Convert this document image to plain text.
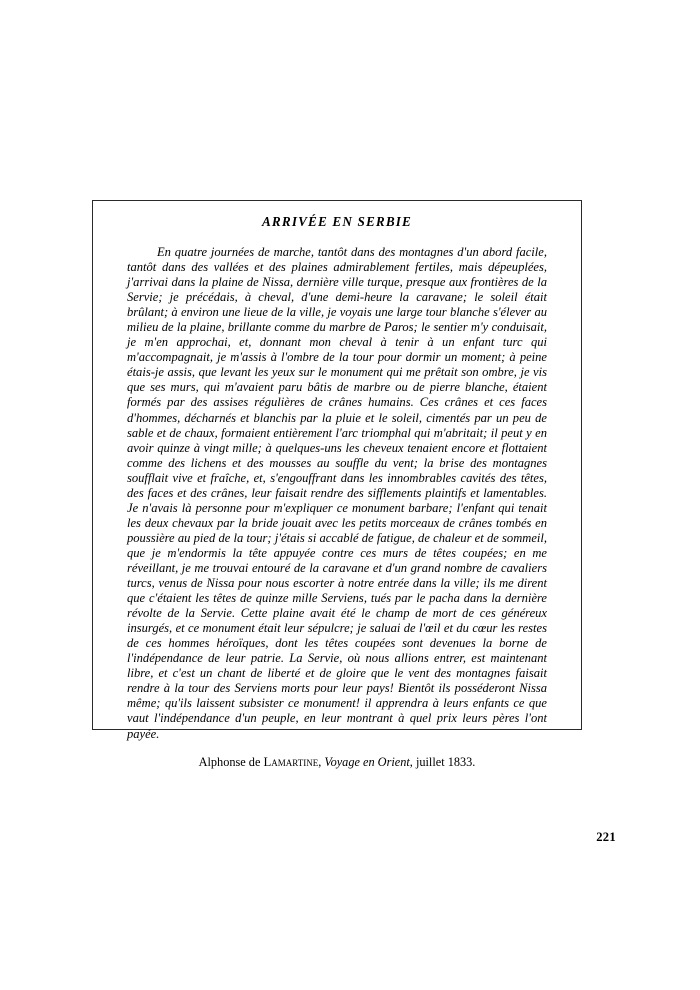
ARRIVÉE EN SERBIE

En quatre journées de marche, tantôt dans des montagnes d'un abord facile, tantôt dans des vallées et des plaines admirablement fertiles, mais dépeuplées, j'arrivai dans la plaine de Nissa, dernière ville turque, presque aux frontières de la Servie; je précédais, à cheval, d'une demi-heure la caravane; le soleil était brûlant; à environ une lieue de la ville, je voyais une large tour blanche s'élever au milieu de la plaine, brillante comme du marbre de Paros; le sentier m'y conduisait, je m'en approchai, et, donnant mon cheval à tenir à un enfant turc qui m'accompagnait, je m'assis à l'ombre de la tour pour dormir un moment; à peine étais-je assis, que levant les yeux sur le monument qui me prêtait son ombre, je vis que ses murs, qui m'avaient paru bâtis de marbre ou de pierre blanche, étaient formés par des assises régulières de crânes humains. Ces crânes et ces faces d'hommes, décharnés et blanchis par la pluie et le soleil, cimentés par un peu de sable et de chaux, formaient entièrement l'arc triomphal qui m'abritait; il peut y en avoir quinze à vingt mille; à quelques-uns les cheveux tenaient encore et flottaient comme des lichens et des mousses au souffle du vent; la brise des montagnes soufflait vive et fraîche, et, s'engouffrant dans les innombrables cavités des têtes, des faces et des crânes, leur faisait rendre des sifflements plaintifs et lamentables. Je n'avais là personne pour m'expliquer ce monument barbare; l'enfant qui tenait les deux chevaux par la bride jouait avec les petits morceaux de crânes tombés en poussière au pied de la tour; j'étais si accablé de fatigue, de chaleur et de sommeil, que je m'endormis la tête appuyée contre ces murs de têtes coupées; en me réveillant, je me trouvai entouré de la caravane et d'un grand nombre de cavaliers turcs, venus de Nissa pour nous escorter à notre entrée dans la ville; ils me dirent que c'étaient les têtes de quinze mille Serviens, tués par le pacha dans la dernière révolte de la Servie. Cette plaine avait été le champ de mort de ces généreux insurgés, et ce monument était leur sépulcre; je saluai de l'œil et du cœur les restes de ces hommes héroïques, dont les têtes coupées sont devenues la borne de l'indépendance de leur patrie. La Servie, où nous allions entrer, est maintenant libre, et c'est un chant de liberté et de gloire que le vent des montagnes faisait rendre à la tour des Serviens morts pour leur pays! Bientôt ils posséderont Nissa même; qu'ils laissent subsister ce monument! il apprendra à leurs enfants ce que vaut l'indépendance d'un peuple, en leur montrant à quel prix leurs pères l'ont payée.

Alphonse de Lamartine, Voyage en Orient, juillet 1833.

221
